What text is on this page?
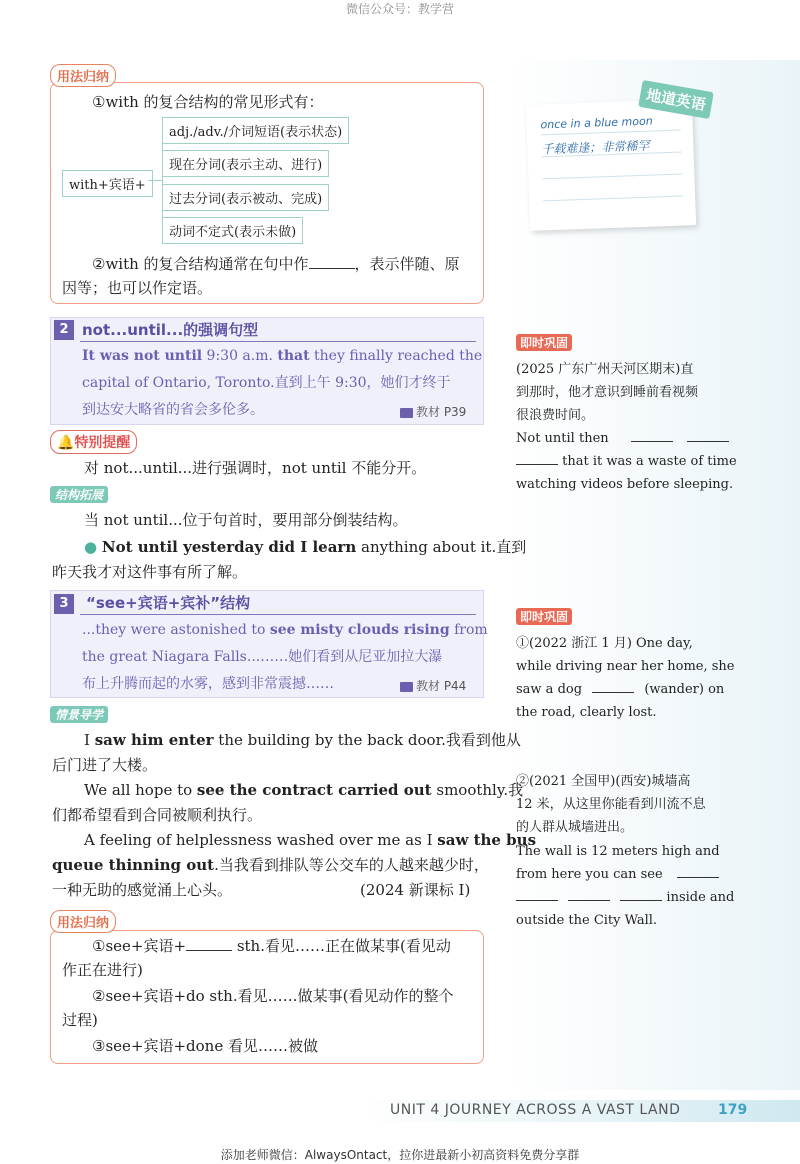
微信公众号：教学营
用法归纳
①with 的复合结构的常见形式有：
with+宾语+
adj./adv./介词短语(表示状态)
现在分词(表示主动、进行)
过去分词(表示被动、完成)
动词不定式(表示未做)
②with 的复合结构通常在句中作	，表示伴随、原
因等；也可以作定语。
2 not...until...的强调句型
It was not until 9:30 a.m. that they finally reached the
capital of Ontario, Toronto.直到上午 9:30，她们才终于
到达安大略省的省会多伦多。	教材 P39
🔔特别提醒
对 not...until...进行强调时，not until 不能分开。
结构拓展
当 not until...位于句首时，要用部分倒装结构。
● Not until yesterday did I learn anything about it.直到
昨天我才对这件事有所了解。
3	“see+宾语+宾补”结构
...they were astonished to see misty clouds rising from
the great Niagara Falls...……她们看到从尼亚加拉大瀑
布上升腾而起的水雾，感到非常震撼……	教材 P44
情景导学
I saw him enter the building by the back door.我看到他从
后门进了大楼。
We all hope to see the contract carried out smoothly.我
们都希望看到合同被顺利执行。
A feeling of helplessness washed over me as I saw the bus
queue thinning out.当我看到排队等公交车的人越来越少时，
一种无助的感觉涌上心头。	(2024 新课标 Ⅰ)
用法归纳
①see+宾语+	sth.看见……正在做某事(看见动
作正在进行)
②see+宾语+do sth.看见……做某事(看见动作的整个
过程)
③see+宾语+done 看见……被做
once in a blue moon
千载难逢；非常稀罕
地道英语
即时巩固
(2025 广东广州天河区期末)直
到那时，他才意识到睡前看视频
很浪费时间。
Not until then
that it was a waste of time
watching videos before sleeping.
即时巩固
①(2022 浙江 1 月) One day,
while driving near her home, she
saw a dog	(wander) on
the road, clearly lost.
②(2021 全国甲)(西安)城墙高
12 米，从这里你能看到川流不息
的人群从城墙进出。
The wall is 12 meters high and
from here you can see
inside and
outside the City Wall.
UNIT 4 JOURNEY ACROSS A VAST LAND	179
添加老师微信：AlwaysOntact，拉你进最新小初高资料免费分享群
